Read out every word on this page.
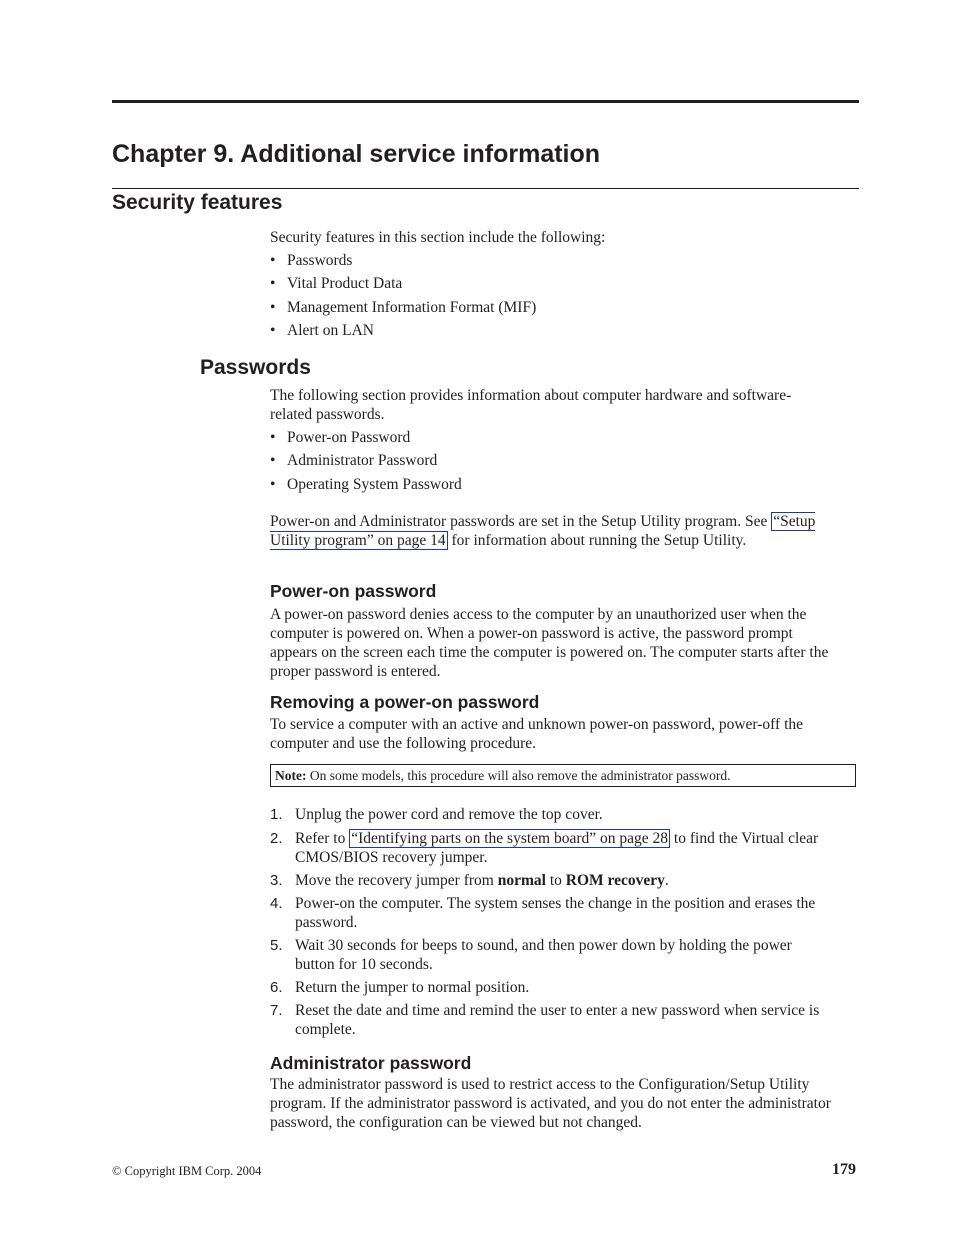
Chapter 9. Additional service information
Security features

Security features in this section include the following:

• Passwords
• Vital Product Data
• Management Information Format (MIF)
• Alert on LAN
Passwords

The following section provides information about computer hardware and software-related passwords.

• Power-on Password
• Administrator Password
• Operating System Password

Power-on and Administrator passwords are set in the Setup Utility program. See “Setup Utility program” on page 14 for information about running the Setup Utility.

Power-on password

A power-on password denies access to the computer by an unauthorized user when the computer is powered on. When a power-on password is active, the password prompt appears on the screen each time the computer is powered on. The computer starts after the proper password is entered.

Removing a power-on password

To service a computer with an active and unknown power-on password, power-off the computer and use the following procedure.

Note: On some models, this procedure will also remove the administrator password.
1. Unplug the power cord and remove the top cover.
2. Refer to “Identifying parts on the system board” on page 28 to find the Virtual clear CMOS/BIOS recovery jumper.
3. Move the recovery jumper from normal to ROM recovery.
4. Power-on the computer. The system senses the change in the position and erases the password.
5. Wait 30 seconds for beeps to sound, and then power down by holding the power button for 10 seconds.
6. Return the jumper to normal position.
7. Reset the date and time and remind the user to enter a new password when service is complete.
Administrator password

The administrator password is used to restrict access to the Configuration/Setup Utility program. If the administrator password is activated, and you do not enter the administrator password, the configuration can be viewed but not changed.

© Copyright IBM Corp. 2004	179
